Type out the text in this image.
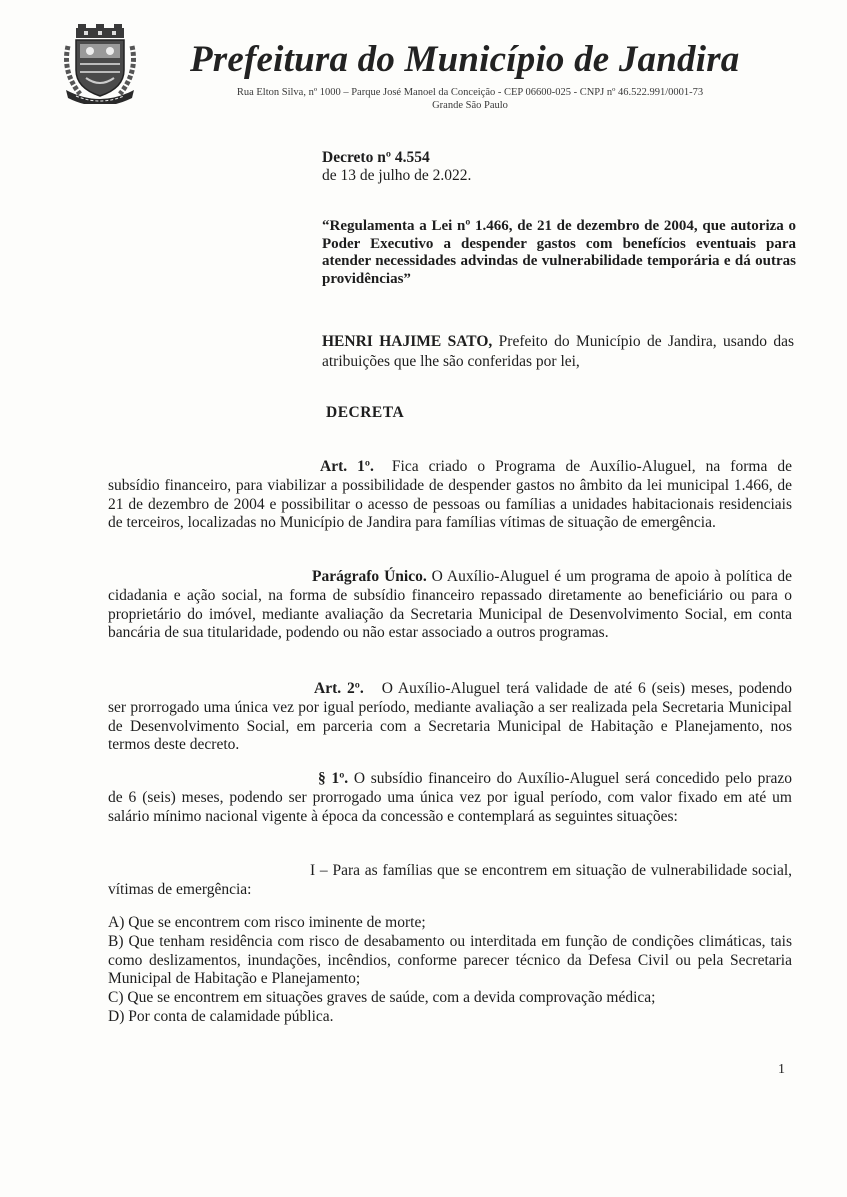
Prefeitura do Município de Jandira
Rua Elton Silva, nº 1000 – Parque José Manoel da Conceição - CEP 06600-025 - CNPJ nº 46.522.991/0001-73
Grande São Paulo
Decreto nº 4.554
de 13 de julho de 2.022.
“Regulamenta a Lei nº 1.466, de 21 de dezembro de 2004, que autoriza o Poder Executivo a despender gastos com benefícios eventuais para atender necessidades advindas de vulnerabilidade temporária e dá outras providências”
HENRI HAJIME SATO, Prefeito do Município de Jandira, usando das atribuições que lhe são conferidas por lei,
DECRETA
Art. 1º. Fica criado o Programa de Auxílio-Aluguel, na forma de subsídio financeiro, para viabilizar a possibilidade de despender gastos no âmbito da lei municipal 1.466, de 21 de dezembro de 2004 e possibilitar o acesso de pessoas ou famílias a unidades habitacionais residenciais de terceiros, localizadas no Município de Jandira para famílias vítimas de situação de emergência.
Parágrafo Único. O Auxílio-Aluguel é um programa de apoio à política de cidadania e ação social, na forma de subsídio financeiro repassado diretamente ao beneficiário ou para o proprietário do imóvel, mediante avaliação da Secretaria Municipal de Desenvolvimento Social, em conta bancária de sua titularidade, podendo ou não estar associado a outros programas.
Art. 2º. O Auxílio-Aluguel terá validade de até 6 (seis) meses, podendo ser prorrogado uma única vez por igual período, mediante avaliação a ser realizada pela Secretaria Municipal de Desenvolvimento Social, em parceria com a Secretaria Municipal de Habitação e Planejamento, nos termos deste decreto.
§ 1º. O subsídio financeiro do Auxílio-Aluguel será concedido pelo prazo de 6 (seis) meses, podendo ser prorrogado uma única vez por igual período, com valor fixado em até um salário mínimo nacional vigente à época da concessão e contemplará as seguintes situações:
I – Para as famílias que se encontrem em situação de vulnerabilidade social, vítimas de emergência:
A) Que se encontrem com risco iminente de morte;
B) Que tenham residência com risco de desabamento ou interditada em função de condições climáticas, tais como deslizamentos, inundações, incêndios, conforme parecer técnico da Defesa Civil ou pela Secretaria Municipal de Habitação e Planejamento;
C) Que se encontrem em situações graves de saúde, com a devida comprovação médica;
D) Por conta de calamidade pública.
1
